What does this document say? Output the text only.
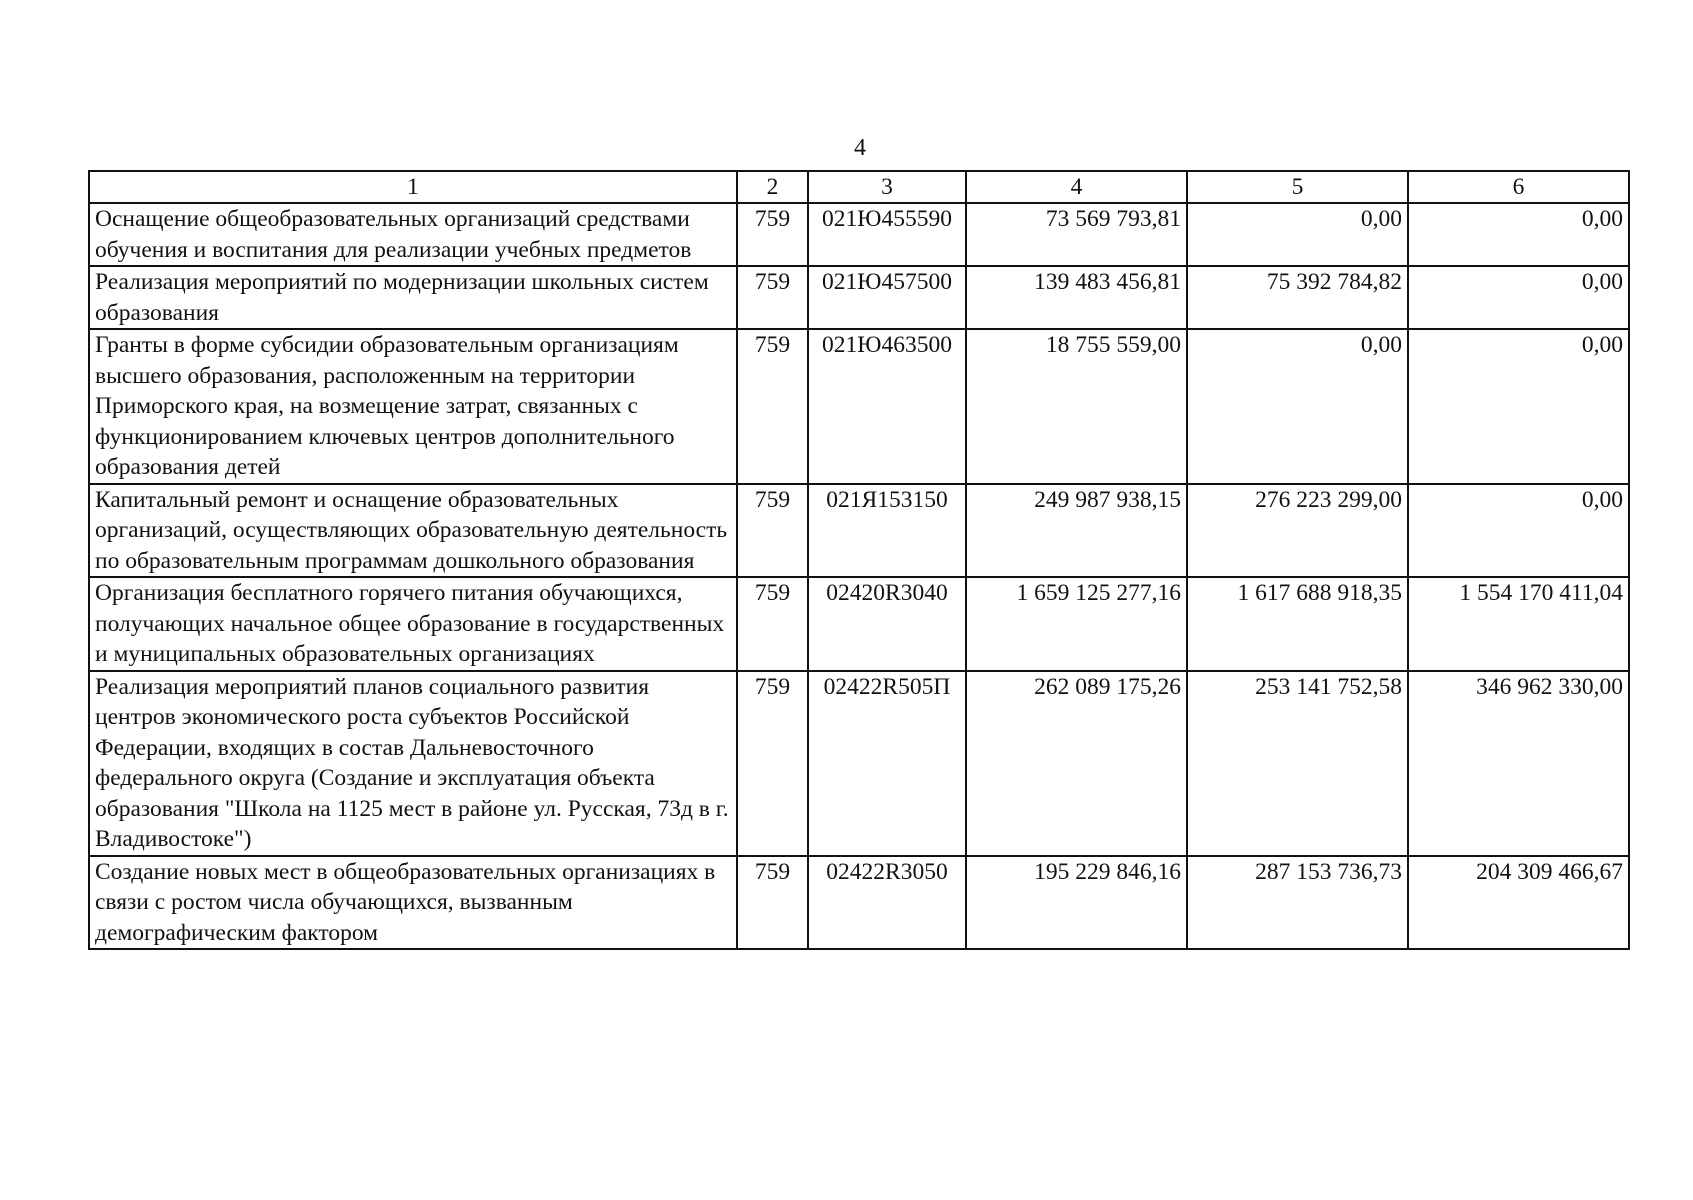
4
1	2	3	4	5	6
Оснащение общеобразовательных организаций средствами обучения и воспитания для реализации учебных предметов	759	021Ю455590	73 569 793,81	0,00	0,00
Реализация мероприятий по модернизации школьных систем образования	759	021Ю457500	139 483 456,81	75 392 784,82	0,00
Гранты в форме субсидии образовательным организациям высшего образования, расположенным на территории Приморского края, на возмещение затрат, связанных с функционированием ключевых центров дополнительного образования детей	759	021Ю463500	18 755 559,00	0,00	0,00
Капитальный ремонт и оснащение образовательных организаций, осуществляющих образовательную деятельность по образовательным программам дошкольного образования	759	021Я153150	249 987 938,15	276 223 299,00	0,00
Организация бесплатного горячего питания обучающихся, получающих начальное общее образование в государственных и муниципальных образовательных организациях	759	02420R3040	1 659 125 277,16	1 617 688 918,35	1 554 170 411,04
Реализация мероприятий планов социального развития центров экономического роста субъектов Российской Федерации, входящих в состав Дальневосточного федерального округа (Создание и эксплуатация объекта образования "Школа на 1125 мест в районе ул. Русская, 73д в г. Владивостоке")	759	02422R505П	262 089 175,26	253 141 752,58	346 962 330,00
Создание новых мест в общеобразовательных организациях в связи с ростом числа обучающихся, вызванным демографическим фактором	759	02422R3050	195 229 846,16	287 153 736,73	204 309 466,67
